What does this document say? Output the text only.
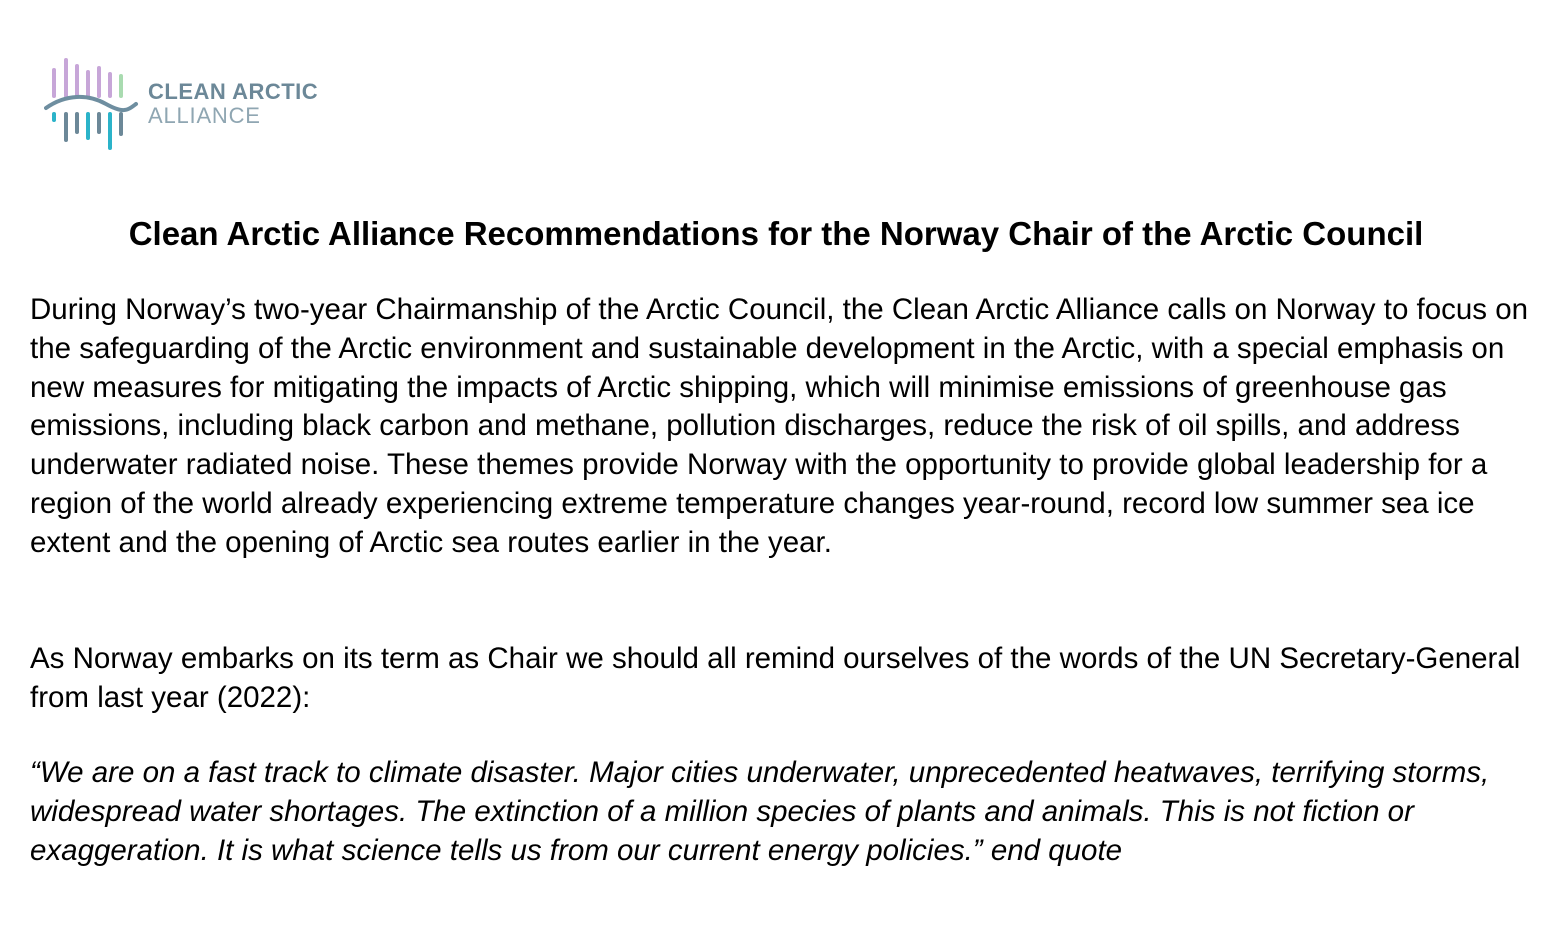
CLEAN ARCTIC
ALLIANCE
Clean Arctic Alliance Recommendations for the Norway Chair of the Arctic Council

During Norway’s two-year Chairmanship of the Arctic Council, the Clean Arctic Alliance calls on Norway to focus on the safeguarding of the Arctic environment and sustainable development in the Arctic, with a special emphasis on new measures for mitigating the impacts of Arctic shipping, which will minimise emissions of greenhouse gas emissions, including black carbon and methane, pollution discharges, reduce the risk of oil spills, and address underwater radiated noise. These themes provide Norway with the opportunity to provide global leadership for a region of the world already experiencing extreme temperature changes year-round, record low summer sea ice extent and the opening of Arctic sea routes earlier in the year.

As Norway embarks on its term as Chair we should all remind ourselves of the words of the UN Secretary-General from last year (2022):

“We are on a fast track to climate disaster. Major cities underwater, unprecedented heatwaves, terrifying storms, widespread water shortages. The extinction of a million species of plants and animals. This is not fiction or exaggeration. It is what science tells us from our current energy policies.” end quote
